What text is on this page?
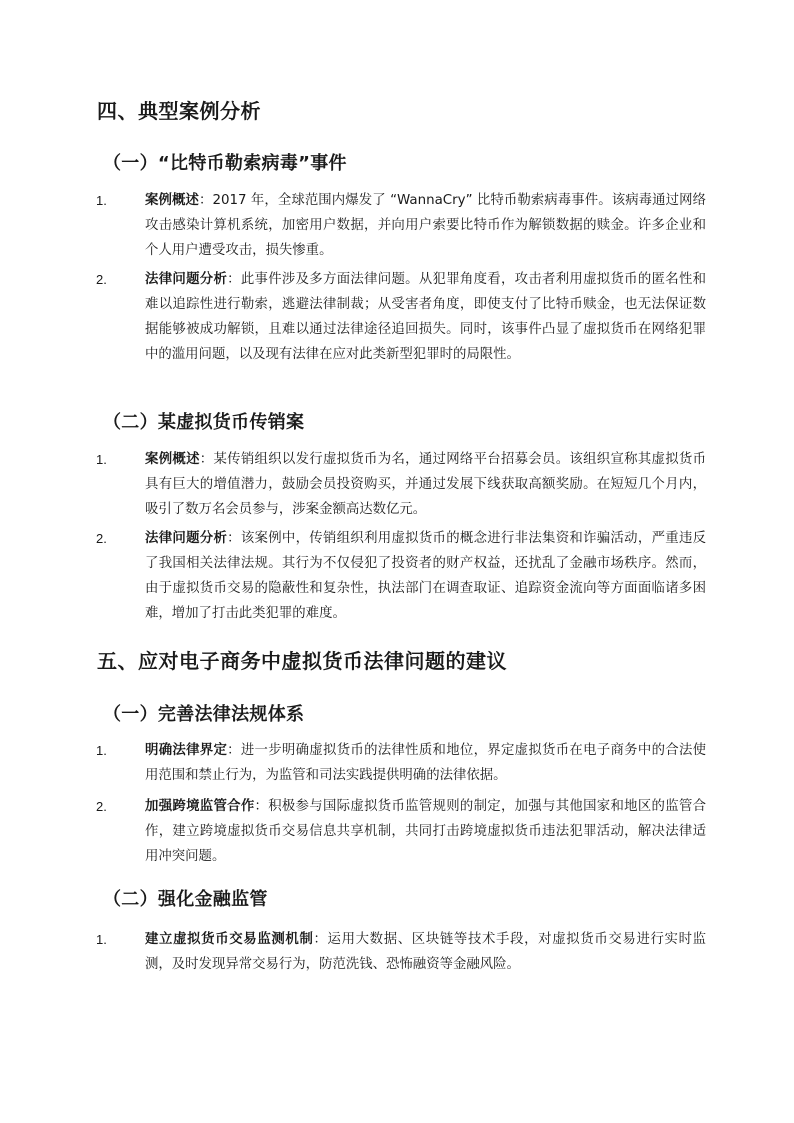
四、典型案例分析
（一）“比特币勒索病毒”事件
1.	案例概述：2017 年，全球范围内爆发了 “WannaCry” 比特币勒索病毒事件。该病毒通过网络攻击感染计算机系统，加密用户数据，并向用户索要比特币作为解锁数据的赎金。许多企业和个人用户遭受攻击，损失惨重。
2.	法律问题分析：此事件涉及多方面法律问题。从犯罪角度看，攻击者利用虚拟货币的匿名性和难以追踪性进行勒索，逃避法律制裁；从受害者角度，即使支付了比特币赎金，也无法保证数据能够被成功解锁，且难以通过法律途径追回损失。同时，该事件凸显了虚拟货币在网络犯罪中的滥用问题，以及现有法律在应对此类新型犯罪时的局限性。
（二）某虚拟货币传销案
1.	案例概述：某传销组织以发行虚拟货币为名，通过网络平台招募会员。该组织宣称其虚拟货币具有巨大的增值潜力，鼓励会员投资购买，并通过发展下线获取高额奖励。在短短几个月内，吸引了数万名会员参与，涉案金额高达数亿元。
2.	法律问题分析：该案例中，传销组织利用虚拟货币的概念进行非法集资和诈骗活动，严重违反了我国相关法律法规。其行为不仅侵犯了投资者的财产权益，还扰乱了金融市场秩序。然而，由于虚拟货币交易的隐蔽性和复杂性，执法部门在调查取证、追踪资金流向等方面面临诸多困难，增加了打击此类犯罪的难度。
五、应对电子商务中虚拟货币法律问题的建议
（一）完善法律法规体系
1.	明确法律界定：进一步明确虚拟货币的法律性质和地位，界定虚拟货币在电子商务中的合法使用范围和禁止行为，为监管和司法实践提供明确的法律依据。
2.	加强跨境监管合作：积极参与国际虚拟货币监管规则的制定，加强与其他国家和地区的监管合作，建立跨境虚拟货币交易信息共享机制，共同打击跨境虚拟货币违法犯罪活动，解决法律适用冲突问题。
（二）强化金融监管
1.	建立虚拟货币交易监测机制：运用大数据、区块链等技术手段，对虚拟货币交易进行实时监测，及时发现异常交易行为，防范洗钱、恐怖融资等金融风险。
